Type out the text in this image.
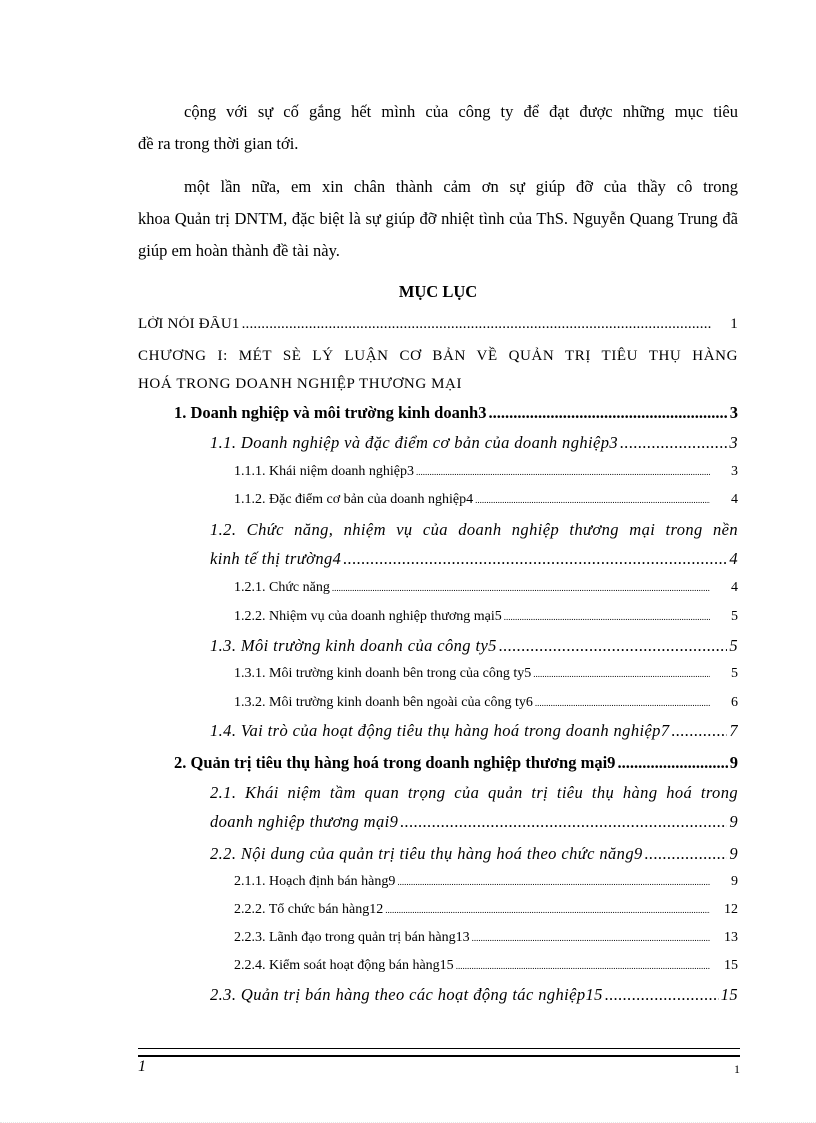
cộng với sự cố gắng hết mình của công ty để đạt được những mục tiêu
đề ra trong thời gian tới.
một lần nữa, em xin chân thành cảm ơn sự giúp đỡ của thầy cô trong
khoa Quản trị DNTM, đặc biệt là sự giúp đỡ nhiệt tình của ThS. Nguyễn Quang Trung đã giúp em hoàn thành đề tài này.
MỤC LỤC
LỜI NÓI ĐẦU1 .....	1
CHƯƠNG I: MÉT SÈ LÝ LUẬN CƠ BẢN VỀ QUẢN TRỊ TIÊU THỤ HÀNG
HOÁ TRONG DOANH NGHIỆP THƯƠNG MẠI
1. Doanh nghiệp và môi trường kinh doanh3 .....	3
1.1. Doanh nghiệp và đặc điểm cơ bản của doanh nghiệp3 .....	3
1.1.1. Khái niệm doanh nghiệp3 .....	3
1.1.2. Đặc điểm cơ bản của doanh nghiệp4 .....	4
1.2. Chức năng, nhiệm vụ của doanh nghiệp thương mại trong nền
kinh tế thị trường4 .....	4
1.2.1. Chức năng .....	4
1.2.2. Nhiệm vụ của doanh nghiệp thương mại5 .....	5
1.3. Môi trường kinh doanh của công ty5 .....	5
1.3.1. Môi trường kinh doanh bên trong của công ty5 .....	5
1.3.2. Môi trường kinh doanh bên ngoài của công ty6 .....	6
1.4. Vai trò của hoạt động tiêu thụ hàng hoá trong doanh nghiệp7 .....	7
2. Quản trị tiêu thụ hàng hoá trong doanh nghiệp thương mại9 .....	9
2.1. Khái niệm tầm quan trọng của quản trị tiêu thụ hàng hoá trong
doanh nghiệp thương mại9 .....	9
2.2. Nội dung của quản trị tiêu thụ hàng hoá theo chức năng9 .....	9
2.1.1. Hoạch định bán hàng9 .....	9
2.2.2. Tổ chức bán hàng12 .....	12
2.2.3. Lãnh đạo trong quản trị bán hàng13 .....	13
2.2.4. Kiểm soát hoạt động bán hàng15 .....	15
2.3. Quản trị bán hàng theo các hoạt động tác nghiệp15 .....	15
1	1
